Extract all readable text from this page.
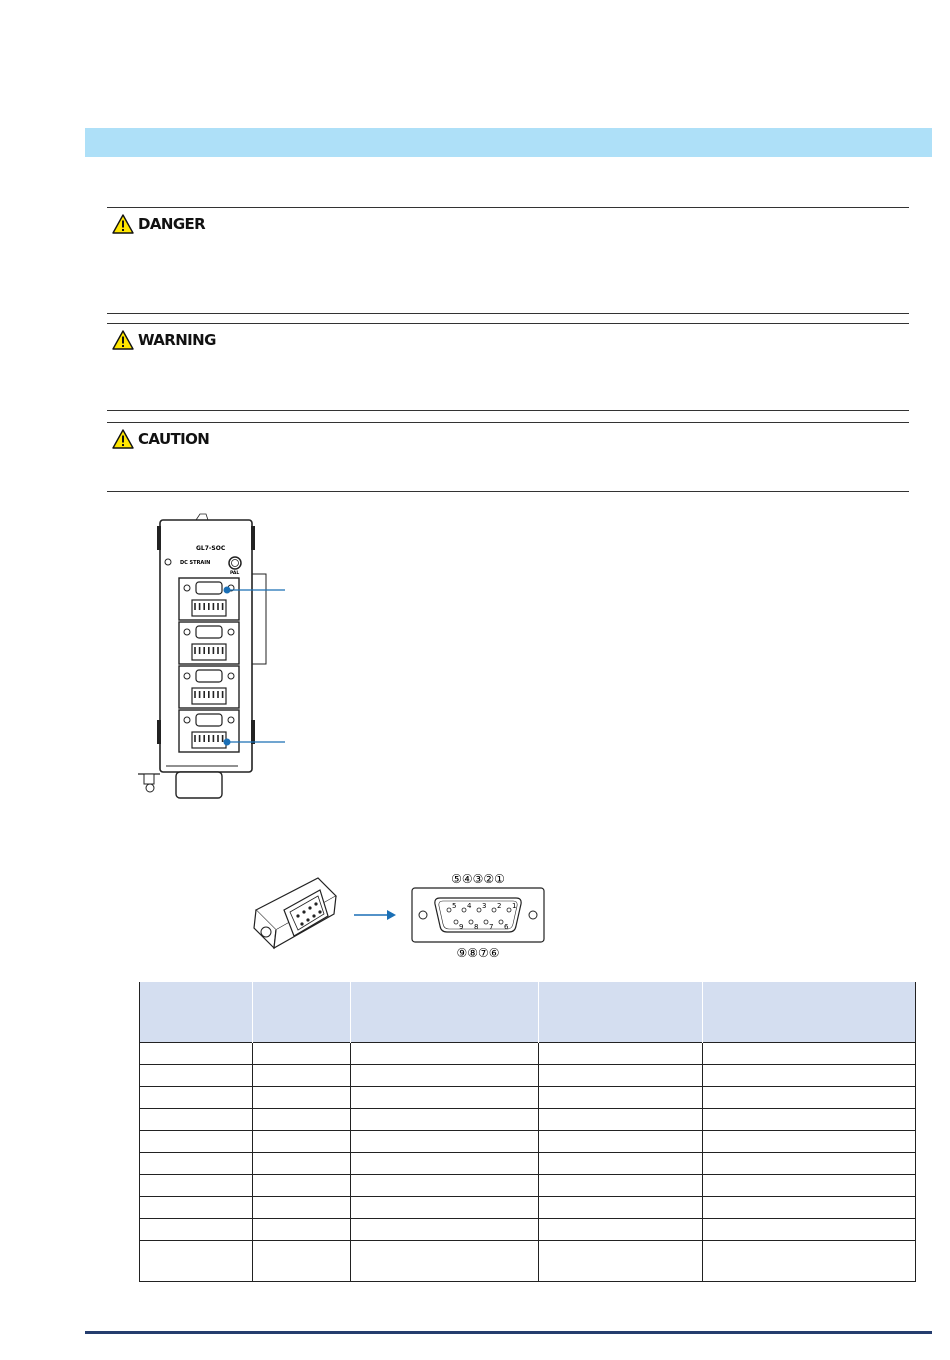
DANGER
WARNING
CAUTION
GL7-SOC
DC STRAIN
PAL
⑤④③②①
⑨⑧⑦⑥
5 4 3 2 1
9 8 7 6
